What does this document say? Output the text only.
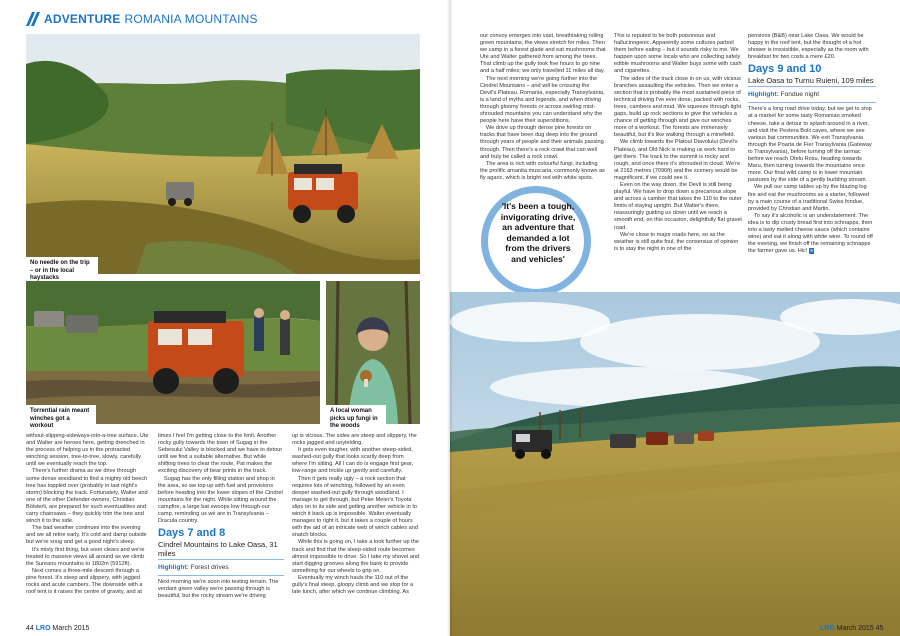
ADVENTURE ROMANIA MOUNTAINS
No needle on the trip – or in the local haystacks
Torrential rain meant winches got a workout
A local woman picks up fungi in the woods

without-slipping-sideways-into-a-tree surface. Ute and Walter are heroes here, getting drenched in the process of helping us in the protracted winching session, tree-to-tree, slowly, carefully until we eventually reach the top.

There's further drama as we drive through some dense woodland to find a mighty old beech tree has toppled over (probably in last night's storm) blocking the track. Fortunately, Walter and one of the other Defender owners, Christian Bölsterli, are prepared for such eventualities and carry chainsaws – they quickly trim the tree and winch it to the side.

The bad weather continues into the evening and we all retire early. It's cold and damp outside but we're snug and get a good night's sleep.

It's misty first thing, but soon clears and we're treated to massive views all around as we climb the Sureanu mountains to 1802m (5912ft).

Next comes a three-mile descent through a pine forest. It's steep and slippery, with jagged rocks and acute cambers. The downside with a roof tent is it raises the centre of gravity, and at

times I feel I'm getting close to the limit. Another rocky gully towards the town of Sugag in the Sebesului Valley is blocked and we have to detour until we find a suitable alternative. But while shifting trees to clear the route, Pat makes the exciting discovery of bear prints in the track.

Sugag has the only filling station and shop in the area, so we top up with fuel and provisions before heading into the lower slopes of the Cindrel mountains for the night. While sitting around the campfire, a large bat swoops low through our camp, reminding us we are in Transylvania – Dracula country.

Days 7 and 8
Cindrel Mountains to Lake Oasa, 31 miles
Highlight: Forest drives

Next morning we're soon into testing terrain. The verdant green valley we're passing through is beautiful, but the rocky stream we're driving

up is vicious. The sides are steep and slippery, the rocks jagged and unyielding.

It gets even tougher, with another steep-sided, washed-out gully that looks scarily deep from where I'm sitting. All I can do is engage first gear, low-range and trickle up gently and carefully.

Then it gets really ugly – a rock section that requires lots of winching, followed by an even deeper washed-out gully through woodland. I manage to get through, but Peter Meier's Toyota slips on to its side and getting another vehicle in to winch it back up is impossible. Walter eventually manages to right it, but it takes a couple of hours with the aid of an intricate web of winch cables and snatch blocks.

While this is going on, I take a look further up the track and find that the steep-sided route becomes almost impossible to drive. So I take my shovel and start digging grooves along the bank to provide something for our wheels to grip on.

Eventually my winch hauls the 110 out of the gully's final steep, gloopy climb and we stop for a late lunch, after which we continue climbing. As

44 LRO March 2015

our convoy emerges into vast, breathtaking rolling green mountains, the views stretch for miles. Then we camp in a forest glade and eat mushrooms that Ute and Walter gathered from among the trees. That climb up the gully took five hours to go nine and a half miles; we only travelled 11 miles all day.

The next morning we're going further into the Cindrel Mountains – and will be crossing the Devil's Plateau. Romania, especially Transylvania, is a land of myths and legends, and when driving through gloomy forests or across swirling mist-shrouded mountains you can understand why the people here have their superstitions.

We drive up through dense pine forests on tracks that have been dug deep into the ground through years of people and their animals passing through. Then there's a rock crawl that can well and truly be called a rock crawl.

The area is rich with colourful fungi, including the prolific amanita muscaria, commonly known as fly agaric, which is bright red with white spots.

'It's been a tough, invigorating drive, an adventure that demanded a lot from the drivers and vehicles'

This is reputed to be both poisonous and hallucinogenic. Apparently some cultures parboil them before eating – but it sounds risky to me. We happen upon some locals who are collecting safely edible mushrooms and Walter buys some with cash and cigarettes.

The sides of the track close in on us, with vicious branches assaulting the vehicles. Then we enter a section that is probably the most sustained piece of technical driving I've ever done, packed with rocks, trees, cambers and mud. We squeeze through tight gaps, build up rock sections to give the vehicles a chance of getting through and give our winches more of a workout. The forests are immensely beautiful, but it's like walking through a minefield.

We climb towards the Platoul Diavolului (Devil's Plateau), and Old Nick is making us work hard to get there. The track to the summit is rocky and rough, and once there it's shrouded in cloud. We're at 2163 metres (7096ft) and the scenery would be magnificent, if we could see it.

Even on the way down, the Devil is still being playful. We have to drop down a precarious slope and across a camber that takes the 110 to the outer limits of staying upright. But Walter's there, reassuringly guiding us down until we reach a smooth end, on this occasion, delightfully flat gravel road.

We're close to major roads here, so as the weather is still quite foul, the consensus of opinion is to stay the night in one of the

pensions (B&B) near Lake Oasa. We would be happy in the roof tent, but the thought of a hot shower is irresistible, especially as the room with breakfast for two costs a mere £20.

Days 9 and 10
Lake Oasa to Turnu Ruieni, 109 miles
Highlight: Fondue night

There's a long road drive today, but we get to stop at a market for some tasty Romanian smoked cheese, take a detour to splash around in a river, and visit the Pestera Bolii caves, where we see various bat communities. We exit Transylvania through the Poarta de Fier Transylvania (Gateway to Transylvania), before turning off the tarmac before we reach Otelu Rosu, heading towards Maru, then turning towards the mountains once more. Our final wild camp is in lower mountain pastures by the side of a gently burbling stream.

We pull our camp tables up by the blazing log fire and eat the mushrooms as a starter, followed by a main course of a traditional Swiss fondue, provided by Christian and Martin.

To say it's alcoholic is an understatement. The idea is to dip crusty bread first into schnapps, then into a tasty melted cheese sauce (which contains wine) and eat it along with white wine. To round off the evening, we finish off the remaining schnapps the farmer gave us. Hic! »

LRO March 2015 45
